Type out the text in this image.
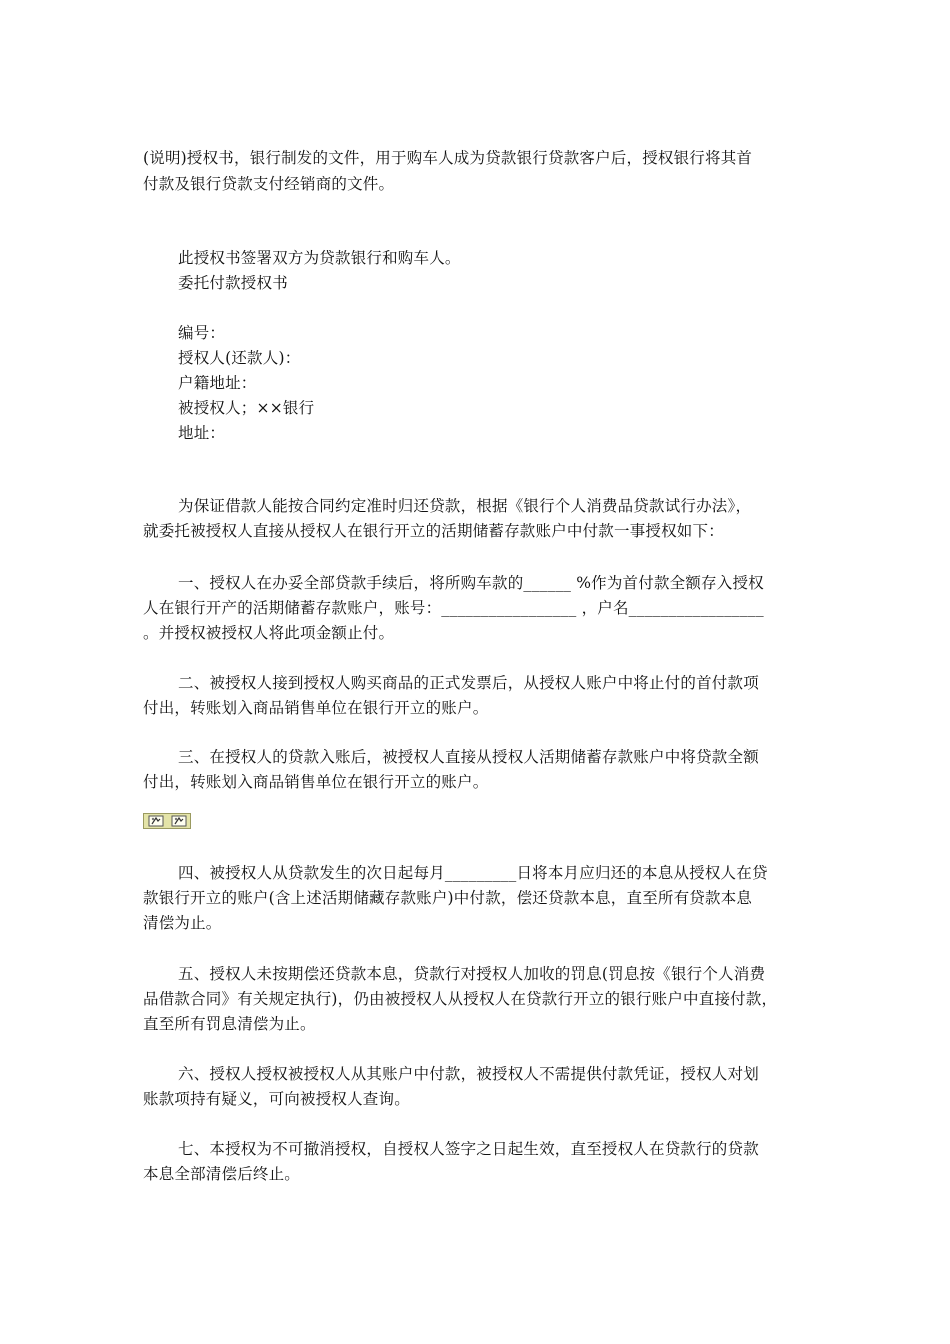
(说明)授权书，银行制发的文件，用于购车人成为贷款银行贷款客户后，授权银行将其首
付款及银行贷款支付经销商的文件。
此授权书签署双方为贷款银行和购车人。
委托付款授权书
编号：
授权人(还款人)：
户籍地址：
被授权人；××银行
地址：
为保证借款人能按合同约定准时归还贷款，根据《银行个人消费品贷款试行办法》，
就委托被授权人直接从授权人在银行开立的活期储蓄存款账户中付款一事授权如下：
一、授权人在办妥全部贷款手续后，将所购车款的______ %作为首付款全额存入授权
人在银行开产的活期储蓄存款账户，账号：_________________ ，户名_________________
。并授权被授权人将此项金额止付。
二、被授权人接到授权人购买商品的正式发票后，从授权人账户中将止付的首付款项
付出，转账划入商品销售单位在银行开立的账户。
三、在授权人的贷款入账后，被授权人直接从授权人活期储蓄存款账户中将贷款全额
付出，转账划入商品销售单位在银行开立的账户。
四、被授权人从贷款发生的次日起每月_________日将本月应归还的本息从授权人在贷
款银行开立的账户(含上述活期储藏存款账户)中付款，偿还贷款本息，直至所有贷款本息
清偿为止。
五、授权人未按期偿还贷款本息，贷款行对授权人加收的罚息(罚息按《银行个人消费
品借款合同》有关规定执行)，仍由被授权人从授权人在贷款行开立的银行账户中直接付款，
直至所有罚息清偿为止。
六、授权人授权被授权人从其账户中付款，被授权人不需提供付款凭证，授权人对划
账款项持有疑义，可向被授权人查询。
七、本授权为不可撤消授权，自授权人签字之日起生效，直至授权人在贷款行的贷款
本息全部清偿后终止。
